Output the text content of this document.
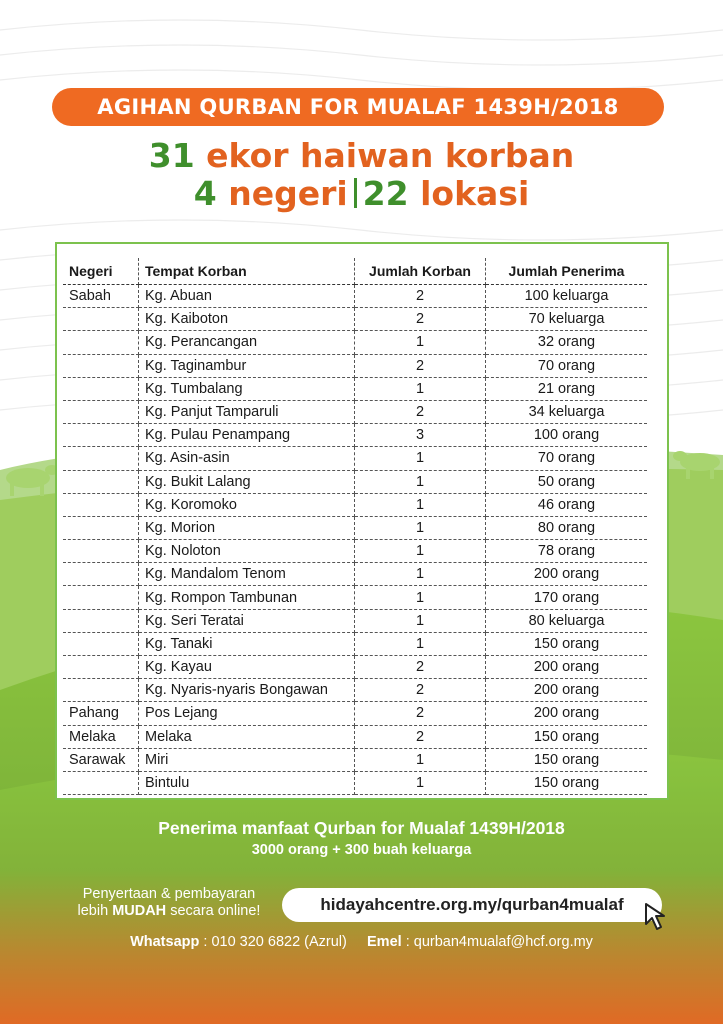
AGIHAN QURBAN FOR MUALAF 1439H/2018
31 ekor haiwan korban
4 negeri 22 lokasi
Negeri	Tempat Korban	Jumlah Korban	Jumlah Penerima
Sabah	Kg. Abuan	2	100 keluarga
	Kg. Kaiboton	2	70 keluarga
	Kg. Perancangan	1	32 orang
	Kg. Taginambur	2	70 orang
	Kg. Tumbalang	1	21 orang
	Kg. Panjut Tamparuli	2	34 keluarga
	Kg. Pulau Penampang	3	100 orang
	Kg. Asin-asin	1	70 orang
	Kg. Bukit Lalang	1	50 orang
	Kg. Koromoko	1	46 orang
	Kg. Morion	1	80 orang
	Kg. Noloton	1	78 orang
	Kg. Mandalom Tenom	1	200 orang
	Kg. Rompon Tambunan	1	170 orang
	Kg. Seri Teratai	1	80 keluarga
	Kg. Tanaki	1	150 orang
	Kg. Kayau	2	200 orang
	Kg. Nyaris-nyaris Bongawan	2	200 orang
Pahang	Pos Lejang	2	200 orang
Melaka	Melaka	2	150 orang
Sarawak	Miri	1	150 orang
	Bintulu	1	150 orang
Penerima manfaat Qurban for Mualaf 1439H/2018
3000 orang + 300 buah keluarga
Penyertaan & pembayaran
lebih MUDAH secara online!	hidayahcentre.org.my/qurban4mualaf
Whatsapp : 010 320 6822 (Azrul) Emel : qurban4mualaf@hcf.org.my
